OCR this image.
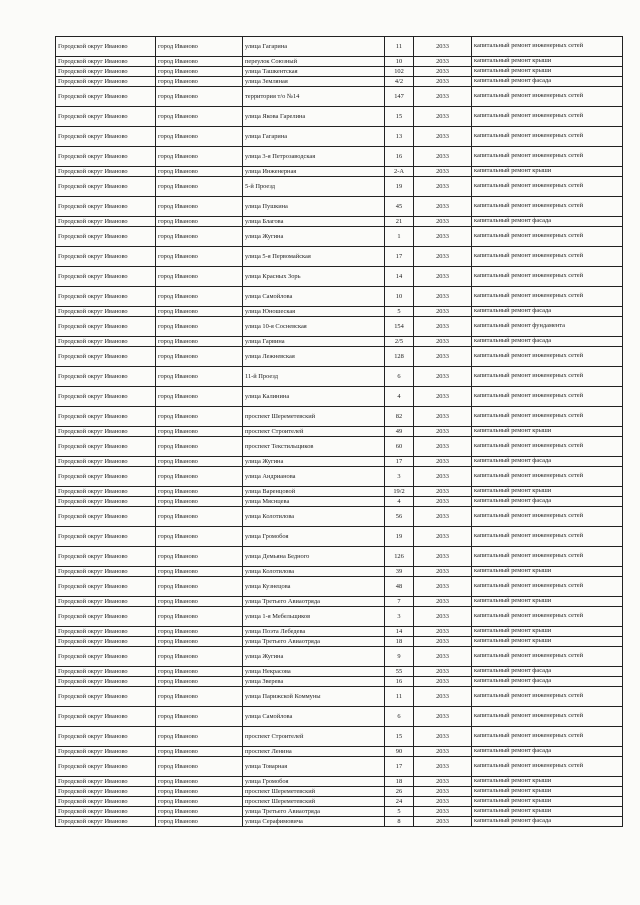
Городской округ Иваново	город Иваново	улица Гагарина	11	2033	капитальный ремонт инженерных сетей
Городской округ Иваново	город Иваново	переулок Союзный	10	2033	капитальный ремонт крыши
Городской округ Иваново	город Иваново	улица Ташкентская	102	2033	капитальный ремонт крыши
Городской округ Иваново	город Иваново	улица Земляная	4/2	2033	капитальный ремонт фасада
Городской округ Иваново	город Иваново	территория т/о №14	147	2033	капитальный ремонт инженерных сетей
Городской округ Иваново	город Иваново	улица Якова Гарелина	15	2033	капитальный ремонт инженерных сетей
Городской округ Иваново	город Иваново	улица Гагарина	13	2033	капитальный ремонт инженерных сетей
Городской округ Иваново	город Иваново	улица 3-я Петрозаводская	16	2033	капитальный ремонт инженерных сетей
Городской округ Иваново	город Иваново	улица Инженерная	2-А	2033	капитальный ремонт крыши
Городской округ Иваново	город Иваново	5-й Проезд	19	2033	капитальный ремонт инженерных сетей
Городской округ Иваново	город Иваново	улица Пушкина	45	2033	капитальный ремонт инженерных сетей
Городской округ Иваново	город Иваново	улица Благова	21	2033	капитальный ремонт фасада
Городской округ Иваново	город Иваново	улица Жугина	1	2033	капитальный ремонт инженерных сетей
Городской округ Иваново	город Иваново	улица 5-я Первомайская	17	2033	капитальный ремонт инженерных сетей
Городской округ Иваново	город Иваново	улица Красных Зорь	14	2033	капитальный ремонт инженерных сетей
Городской округ Иваново	город Иваново	улица Самойлова	10	2033	капитальный ремонт инженерных сетей
Городской округ Иваново	город Иваново	улица Юношеская	5	2033	капитальный ремонт фасада
Городской округ Иваново	город Иваново	улица 10-я Сосневская	154	2033	капитальный ремонт фундамента
Городской округ Иваново	город Иваново	улица Гарвина	2/5	2033	капитальный ремонт фасада
Городской округ Иваново	город Иваново	улица Лежневская	128	2033	капитальный ремонт инженерных сетей
Городской округ Иваново	город Иваново	11-й Проезд	6	2033	капитальный ремонт инженерных сетей
Городской округ Иваново	город Иваново	улица Калинина	4	2033	капитальный ремонт инженерных сетей
Городской округ Иваново	город Иваново	проспект Шереметевский	82	2033	капитальный ремонт инженерных сетей
Городской округ Иваново	город Иваново	проспект Строителей	49	2033	капитальный ремонт крыши
Городской округ Иваново	город Иваново	проспект Текстильщиков	60	2033	капитальный ремонт инженерных сетей
Городской округ Иваново	город Иваново	улица Жугина	17	2033	капитальный ремонт фасада
Городской округ Иваново	город Иваново	улица Андрианова	3	2033	капитальный ремонт инженерных сетей
Городской округ Иваново	город Иваново	улица Варенцовой	19/2	2033	капитальный ремонт крыши
Городской округ Иваново	город Иваново	улица Мяснцева	4	2033	капитальный ремонт фасада
Городской округ Иваново	город Иваново	улица Колотилова	56	2033	капитальный ремонт инженерных сетей
Городской округ Иваново	город Иваново	улица Громобоя	19	2033	капитальный ремонт инженерных сетей
Городской округ Иваново	город Иваново	улица Демьяна Бедного	126	2033	капитальный ремонт инженерных сетей
Городской округ Иваново	город Иваново	улица Колотилова	39	2033	капитальный ремонт крыши
Городской округ Иваново	город Иваново	улица Кузнецова	48	2033	капитальный ремонт инженерных сетей
Городской округ Иваново	город Иваново	улица Третьего Авиаотряда	7	2033	капитальный ремонт крыши
Городской округ Иваново	город Иваново	улица 1-я Мебельщиков	3	2033	капитальный ремонт инженерных сетей
Городской округ Иваново	город Иваново	улица Поэта Лебедева	14	2033	капитальный ремонт крыши
Городской округ Иваново	город Иваново	улица Третьего Авиаотряда	18	2033	капитальный ремонт крыши
Городской округ Иваново	город Иваново	улица Жугина	9	2033	капитальный ремонт инженерных сетей
Городской округ Иваново	город Иваново	улица Некрасова	55	2033	капитальный ремонт фасада
Городской округ Иваново	город Иваново	улица Зверева	16	2033	капитальный ремонт фасада
Городской округ Иваново	город Иваново	улица Парижской Коммуны	11	2033	капитальный ремонт инженерных сетей
Городской округ Иваново	город Иваново	улица Самойлова	6	2033	капитальный ремонт инженерных сетей
Городской округ Иваново	город Иваново	проспект Строителей	15	2033	капитальный ремонт инженерных сетей
Городской округ Иваново	город Иваново	проспект Ленина	90	2033	капитальный ремонт фасада
Городской округ Иваново	город Иваново	улица Товарная	17	2033	капитальный ремонт инженерных сетей
Городской округ Иваново	город Иваново	улица Громобоя	18	2033	капитальный ремонт крыши
Городской округ Иваново	город Иваново	проспект Шереметевский	26	2033	капитальный ремонт крыши
Городской округ Иваново	город Иваново	проспект Шереметевский	24	2033	капитальный ремонт крыши
Городской округ Иваново	город Иваново	улица Третьего Авиаотряда	5	2033	капитальный ремонт крыши
Городской округ Иваново	город Иваново	улица Серафимовича	8	2033	капитальный ремонт фасада
